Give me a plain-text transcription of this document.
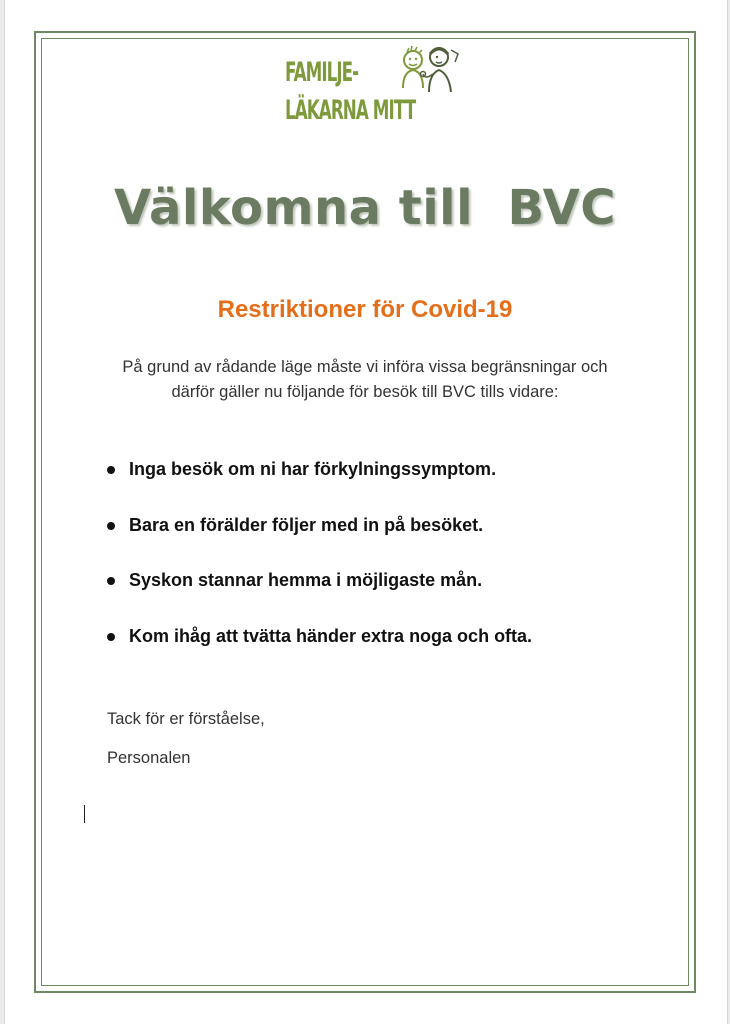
FAMILJE-
LÄKARNA MITT
Välkomna till  BVC
Restriktioner för Covid-19
På grund av rådande läge måste vi införa vissa begränsningar och
därför gäller nu följande för besök till BVC tills vidare:
Inga besök om ni har förkylningssymptom.
Bara en förälder följer med in på besöket.
Syskon stannar hemma i möjligaste mån.
Kom ihåg att tvätta händer extra noga och ofta.
Tack för er förståelse,
Personalen
